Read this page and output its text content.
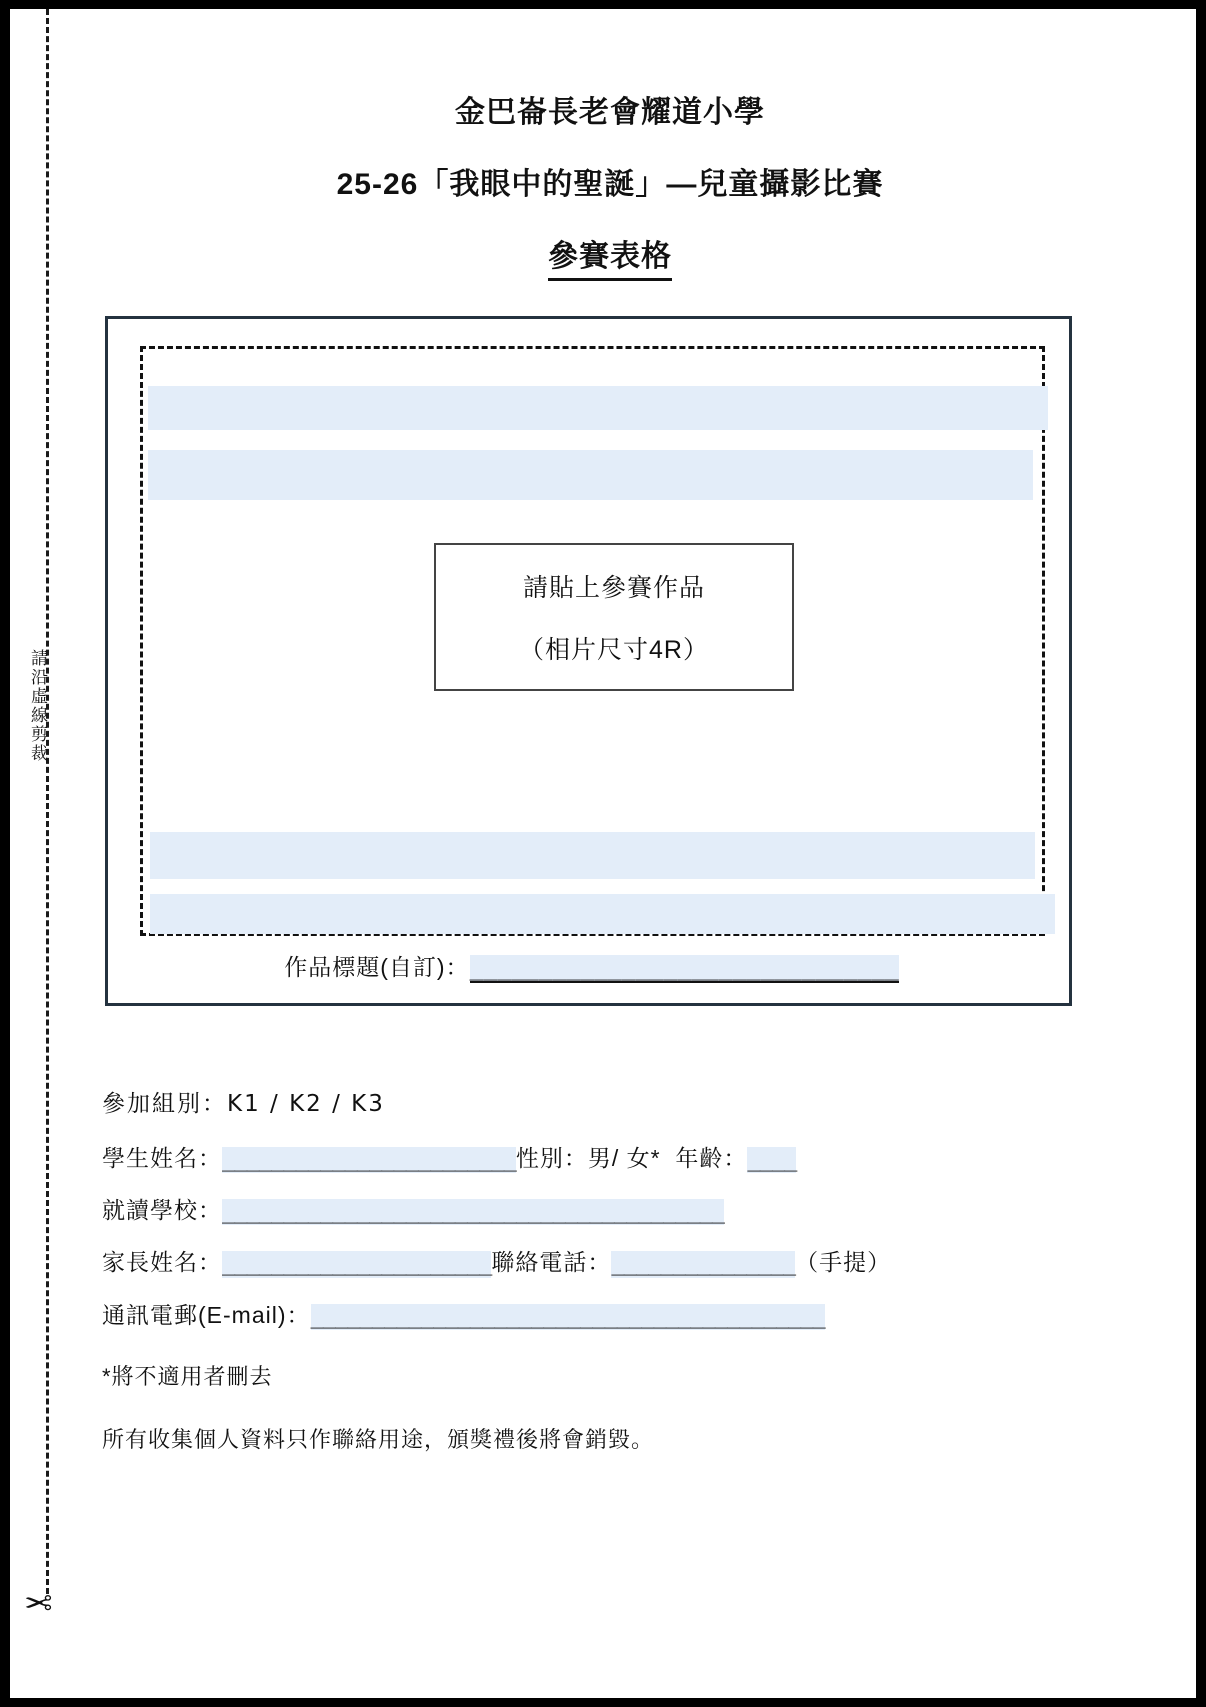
請沿虛線剪裁
✂
金巴崙長老會耀道小學
25-26「我眼中的聖誕」—兒童攝影比賽
參賽表格
請貼上參賽作品
（相片尺寸4R）
作品標題(自訂)：_______________________________
參加組別：K1 / K2 / K3
學生姓名：________________________性別：男/ 女* 年齡：____
就讀學校：_________________________________________
家長姓名：______________________聯絡電話：_______________（手提）
通訊電郵(E-mail)：__________________________________________
*將不適用者刪去
所有收集個人資料只作聯絡用途，頒獎禮後將會銷毀。
